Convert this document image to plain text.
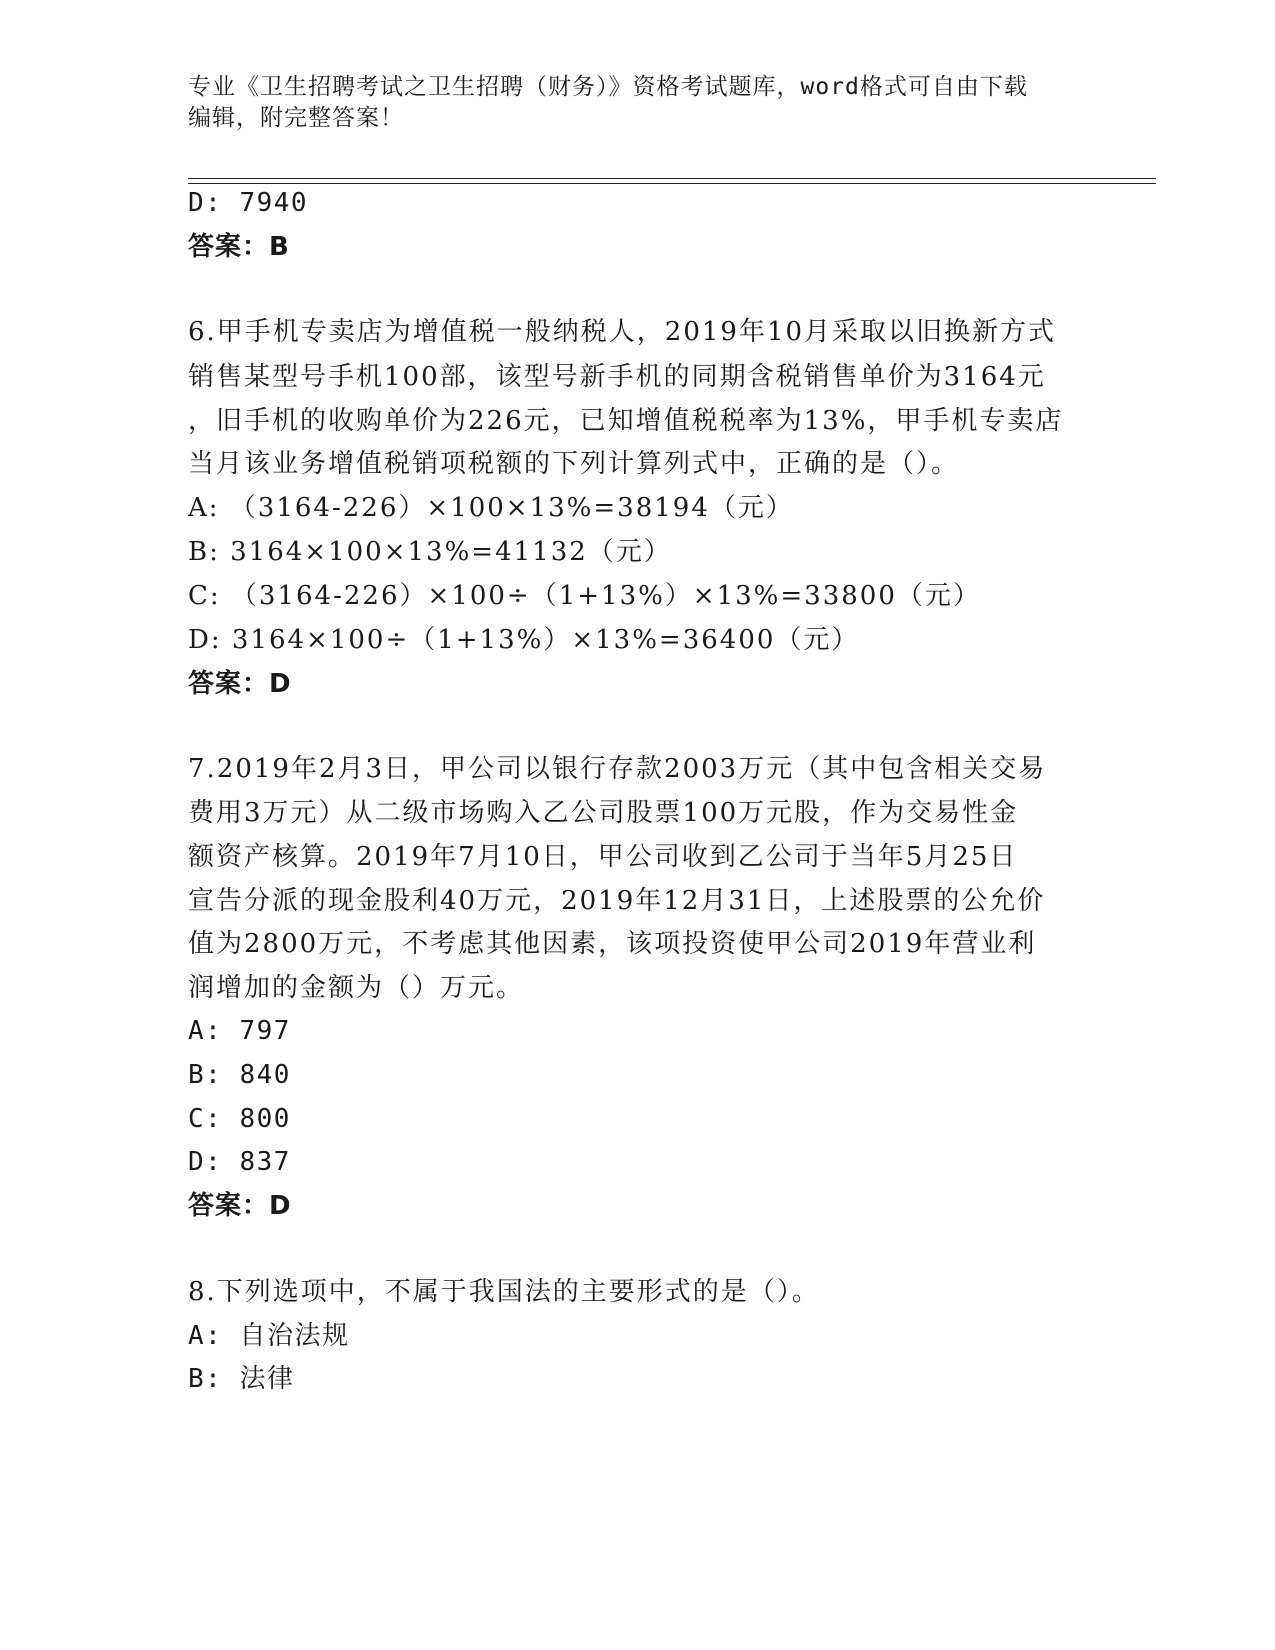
专业《卫生招聘考试之卫生招聘（财务）》资格考试题库，word格式可自由下载
编辑，附完整答案！
D: 7940
答案：B
6.甲手机专卖店为增值税一般纳税人，2019年10月采取以旧换新方式
销售某型号手机100部，该型号新手机的同期含税销售单价为3164元
，旧手机的收购单价为226元，已知增值税税率为13%，甲手机专卖店
当月该业务增值税销项税额的下列计算列式中，正确的是（）。
A: （3164-226）×100×13%=38194（元）
B: 3164×100×13%=41132（元）
C: （3164-226）×100÷（1+13%）×13%=33800（元）
D: 3164×100÷（1+13%）×13%=36400（元）
答案：D
7.2019年2月3日，甲公司以银行存款2003万元（其中包含相关交易
费用3万元）从二级市场购入乙公司股票100万元股，作为交易性金
额资产核算。2019年7月10日，甲公司收到乙公司于当年5月25日
宣告分派的现金股利40万元，2019年12月31日，上述股票的公允价
值为2800万元，不考虑其他因素，该项投资使甲公司2019年营业利
润增加的金额为（）万元。
A: 797
B: 840
C: 800
D: 837
答案：D
8.下列选项中，不属于我国法的主要形式的是（）。
A: 自治法规
B: 法律
